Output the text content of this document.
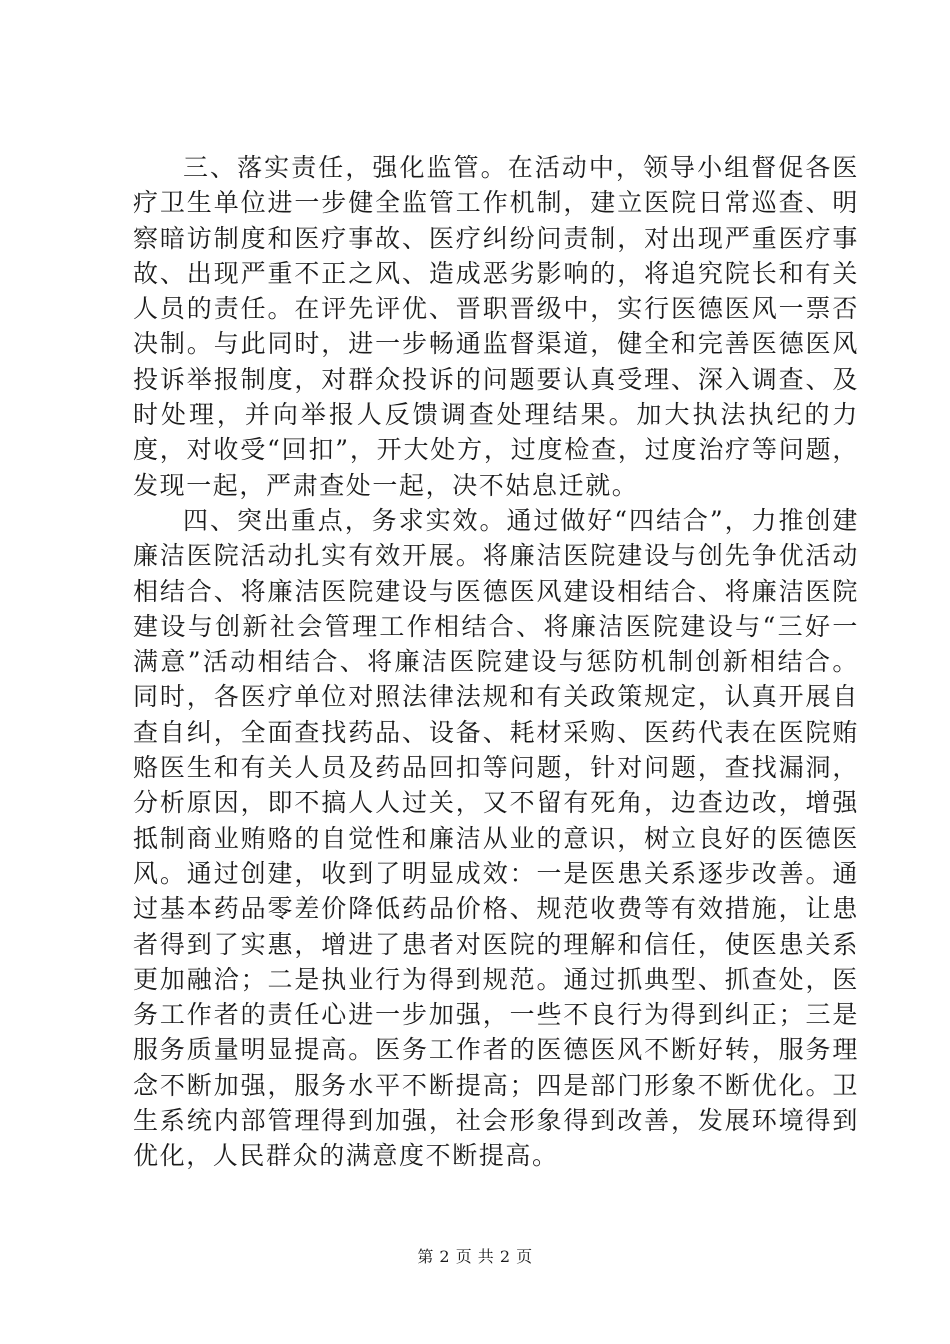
三、落实责任，强化监管。在活动中，领导小组督促各医疗卫生单位进一步健全监管工作机制，建立医院日常巡查、明察暗访制度和医疗事故、医疗纠纷问责制，对出现严重医疗事故、出现严重不正之风、造成恶劣影响的，将追究院长和有关人员的责任。在评先评优、晋职晋级中，实行医德医风一票否决制。与此同时，进一步畅通监督渠道，健全和完善医德医风投诉举报制度，对群众投诉的问题要认真受理、深入调查、及时处理，并向举报人反馈调查处理结果。加大执法执纪的力度，对收受“回扣”，开大处方，过度检查，过度治疗等问题，发现一起，严肃查处一起，决不姑息迁就。

四、突出重点，务求实效。通过做好“四结合”，力推创建廉洁医院活动扎实有效开展。将廉洁医院建设与创先争优活动相结合、将廉洁医院建设与医德医风建设相结合、将廉洁医院建设与创新社会管理工作相结合、将廉洁医院建设与“三好一满意”活动相结合、将廉洁医院建设与惩防机制创新相结合。同时，各医疗单位对照法律法规和有关政策规定，认真开展自查自纠，全面查找药品、设备、耗材采购、医药代表在医院贿赂医生和有关人员及药品回扣等问题，针对问题，查找漏洞，分析原因，即不搞人人过关，又不留有死角，边查边改，增强抵制商业贿赂的自觉性和廉洁从业的意识，树立良好的医德医风。通过创建，收到了明显成效：一是医患关系逐步改善。通过基本药品零差价降低药品价格、规范收费等有效措施，让患者得到了实惠，增进了患者对医院的理解和信任，使医患关系更加融洽；二是执业行为得到规范。通过抓典型、抓查处，医务工作者的责任心进一步加强，一些不良行为得到纠正；三是服务质量明显提高。医务工作者的医德医风不断好转，服务理念不断加强，服务水平不断提高；四是部门形象不断优化。卫生系统内部管理得到加强，社会形象得到改善，发展环境得到优化，人民群众的满意度不断提高。

第 2 页 共 2 页
